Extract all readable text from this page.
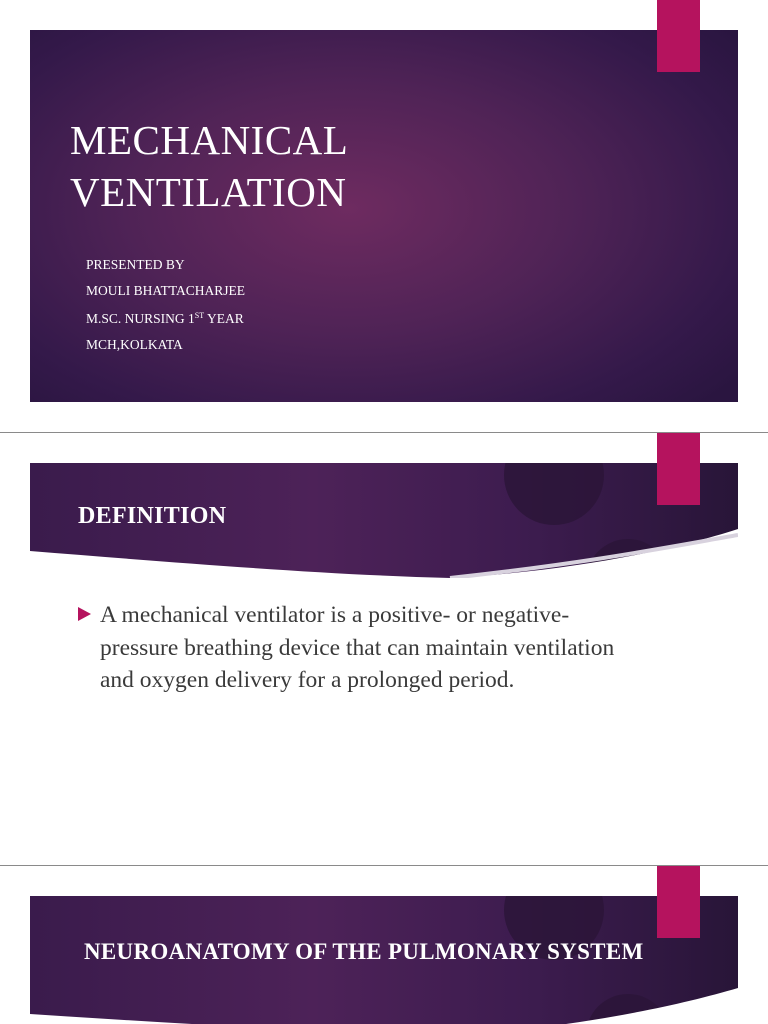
MECHANICAL
VENTILATION
PRESENTED BY
MOULI BHATTACHARJEE
M.SC. NURSING 1ST YEAR
MCH,KOLKATA
DEFINITION

A mechanical ventilator is a positive- or negative-pressure breathing device that can maintain ventilation and oxygen delivery for a prolonged period.

NEUROANATOMY OF THE PULMONARY SYSTEM
